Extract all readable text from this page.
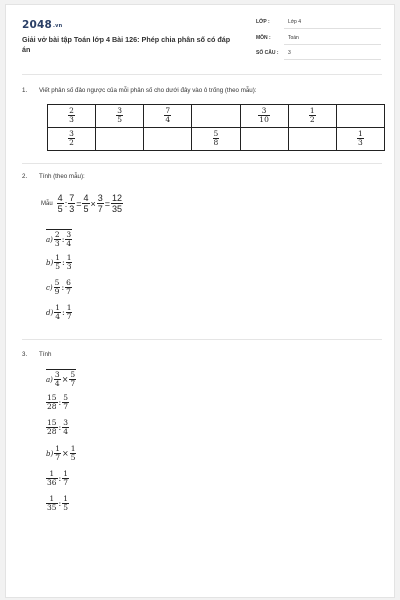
$2048^{.vn}$
Giải vở bài tập Toán lớp 4 Bài 126: Phép chia phân số có đáp án
LỚP :	Lớp 4
MÔN :	Toán
SỐ CÂU : 3
1. Viết phân số đảo ngược của mỗi phân số cho dưới đây vào ô trống (theo mẫu):
$\frac{2}{3}$	$\frac{3}{5}$	$\frac{7}{4}$		$\frac{3}{10}$	$\frac{1}{2}$

$\frac{3}{2}$			$\frac{5}{8}$			$\frac{1}{3}$
2. Tính (theo mẫu):
Mẫu $\frac{4}{5}$ : $\frac{7}{3} = \frac{4}{5} \times \frac{3}{7} = \frac{12}{35}$
$a) \frac{2}{3}$ : $\frac{3}{4}$
$b) \frac{1}{5}$ : $\frac{1}{3}$
$c) \frac{5}{9}$ : $\frac{6}{7}$
$d) \frac{1}{4}$ : $\frac{1}{7}$
3. Tính
$a) \frac{3}{4} \times \frac{5}{7}$
$\frac{15}{28}$ : $\frac{5}{7}$
$\frac{15}{28}$ : $\frac{3}{4}$
$b) \frac{1}{7} \times \frac{1}{5}$
$\frac{1}{36}$ : $\frac{1}{7}$
$\frac{1}{35}$ : $\frac{1}{5}$
